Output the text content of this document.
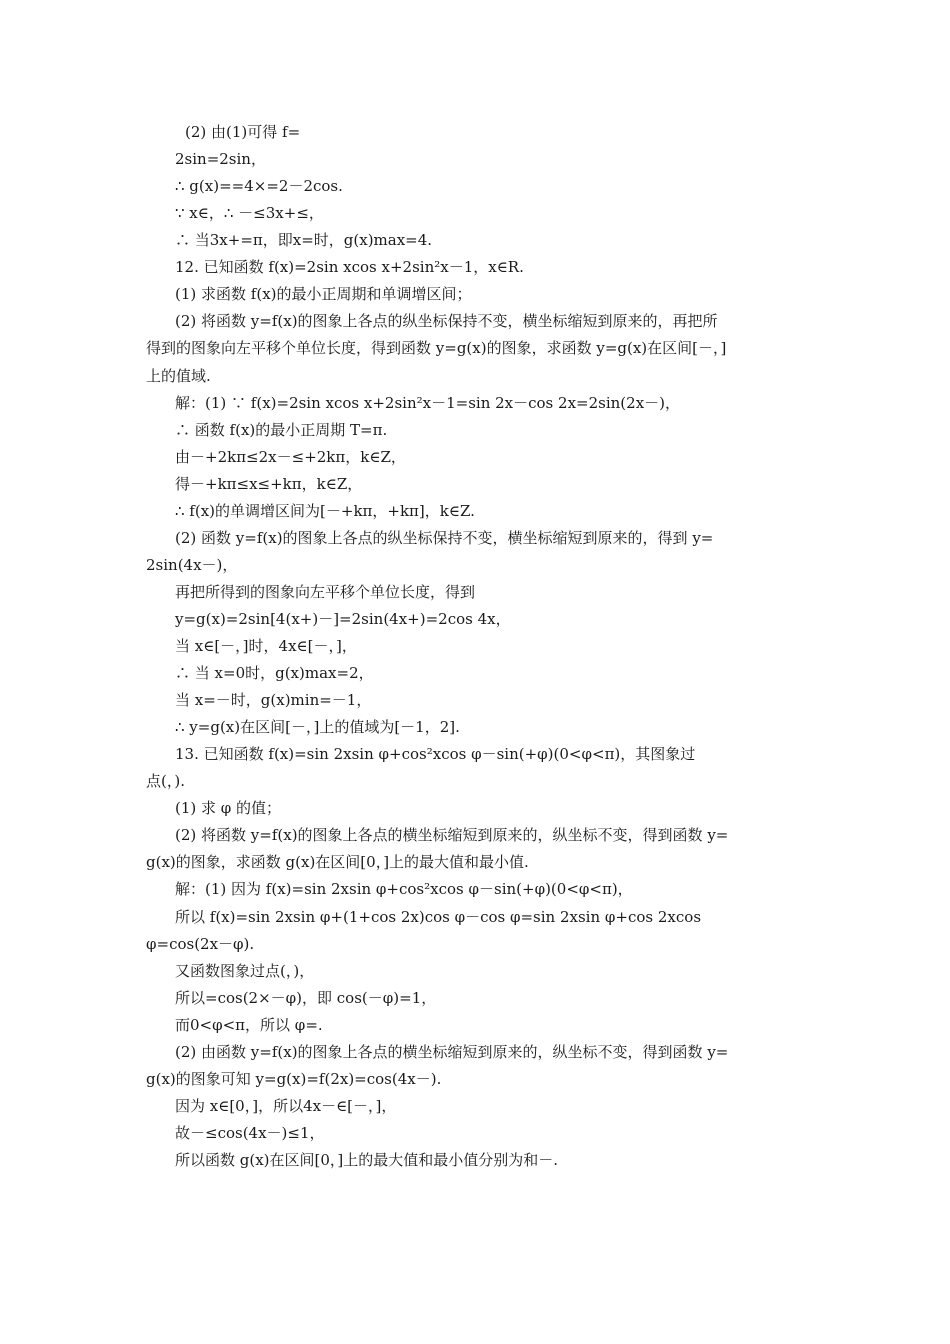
(2) 由(1)可得 f=
2sin=2sin，
∴ g(x)==4×=2－2cos.
∵ x∈，∴ －≤3x+≤，
∴ 当3x+=π，即x=时，g(x)max=4.
12. 已知函数 f(x)=2sin xcos x+2sin²x－1，x∈R.
(1) 求函数 f(x)的最小正周期和单调增区间；
(2) 将函数 y=f(x)的图象上各点的纵坐标保持不变，横坐标缩短到原来的，再把所
得到的图象向左平移个单位长度，得到函数 y=g(x)的图象，求函数 y=g(x)在区间[－，]
上的值域.
解：(1) ∵ f(x)=2sin xcos x+2sin²x－1=sin 2x－cos 2x=2sin(2x－)，
∴ 函数 f(x)的最小正周期 T=π.
由－+2kπ≤2x－≤+2kπ，k∈Z，
得－+kπ≤x≤+kπ，k∈Z，
∴ f(x)的单调增区间为[－+kπ，+kπ]，k∈Z.
(2) 函数 y=f(x)的图象上各点的纵坐标保持不变，横坐标缩短到原来的，得到 y=
2sin(4x－)，
再把所得到的图象向左平移个单位长度，得到
y=g(x)=2sin[4(x+)－]=2sin(4x+)=2cos 4x，
当 x∈[－，]时，4x∈[－，]，
∴ 当 x=0时，g(x)max=2，
当 x=－时，g(x)min=－1，
∴ y=g(x)在区间[－，]上的值域为[－1，2].
13. 已知函数 f(x)=sin 2xsin φ+cos²xcos φ－sin(+φ)(0<φ<π)，其图象过
点(，).
(1) 求 φ 的值；
(2) 将函数 y=f(x)的图象上各点的横坐标缩短到原来的，纵坐标不变，得到函数 y=
g(x)的图象，求函数 g(x)在区间[0，]上的最大值和最小值.
解：(1) 因为 f(x)=sin 2xsin φ+cos²xcos φ－sin(+φ)(0<φ<π)，
所以 f(x)=sin 2xsin φ+(1+cos 2x)cos φ－cos φ=sin 2xsin φ+cos 2xcos
φ=cos(2x－φ).
又函数图象过点(，)，
所以=cos(2×－φ)，即 cos(－φ)=1，
而0<φ<π，所以 φ=.
(2) 由函数 y=f(x)的图象上各点的横坐标缩短到原来的，纵坐标不变，得到函数 y=
g(x)的图象可知 y=g(x)=f(2x)=cos(4x－).
因为 x∈[0，]，所以4x－∈[－，]，
故－≤cos(4x－)≤1，
所以函数 g(x)在区间[0，]上的最大值和最小值分别为和－.
